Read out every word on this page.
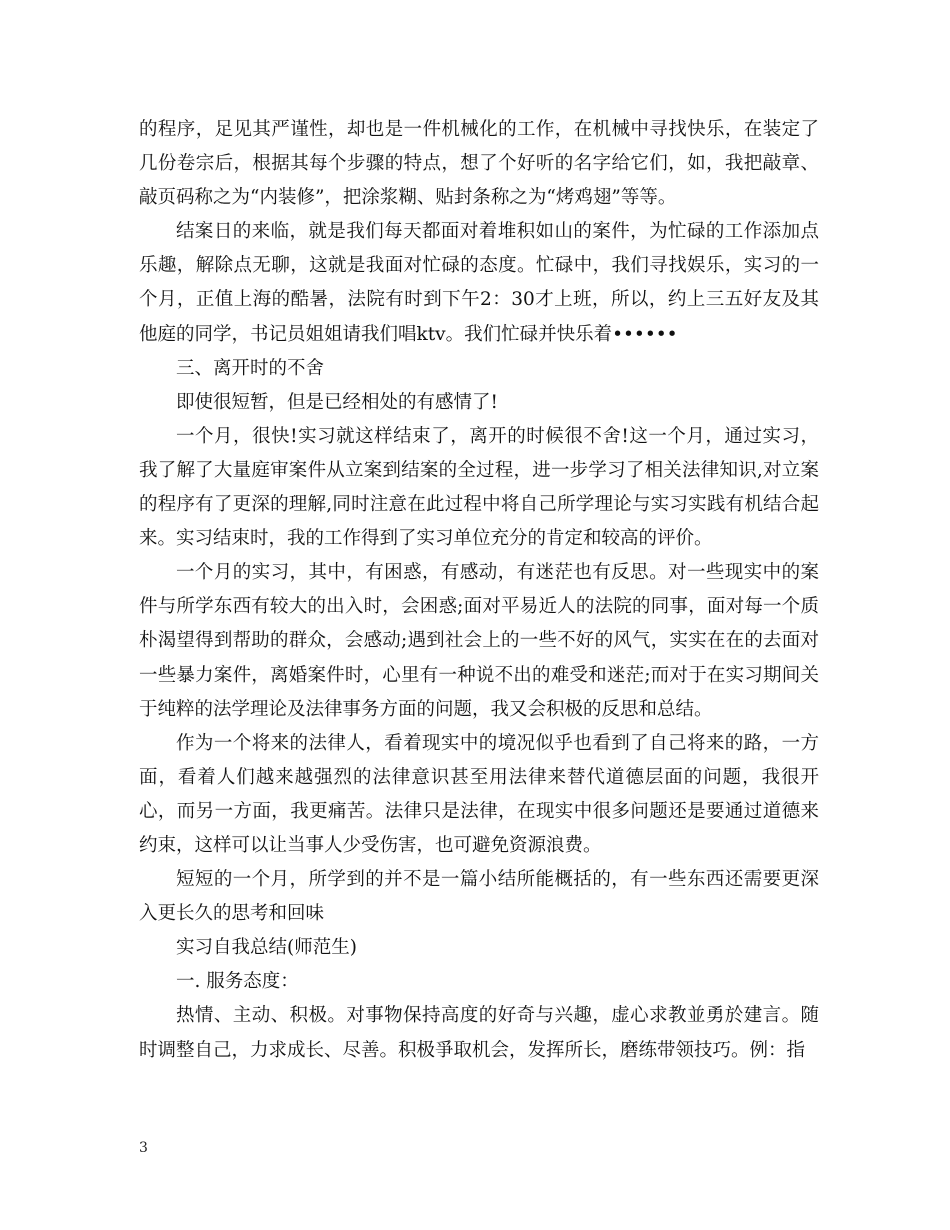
的程序，足见其严谨性，却也是一件机械化的工作，在机械中寻找快乐，在装定了几份卷宗后，根据其每个步骤的特点，想了个好听的名字给它们，如，我把敲章、敲页码称之为“内装修”，把涂浆糊、贴封条称之为“烤鸡翅”等等。

结案日的来临，就是我们每天都面对着堆积如山的案件，为忙碌的工作添加点乐趣，解除点无聊，这就是我面对忙碌的态度。忙碌中，我们寻找娱乐，实习的一个月，正值上海的酷暑，法院有时到下午2：30才上班，所以，约上三五好友及其他庭的同学，书记员姐姐请我们唱ktv。我们忙碌并快乐着••••••

三、离开时的不舍

即使很短暂，但是已经相处的有感情了!

一个月，很快!实习就这样结束了，离开的时候很不舍!这一个月，通过实习，我了解了大量庭审案件从立案到结案的全过程，进一步学习了相关法律知识,对立案的程序有了更深的理解,同时注意在此过程中将自己所学理论与实习实践有机结合起来。实习结束时，我的工作得到了实习单位充分的肯定和较高的评价。

一个月的实习，其中，有困惑，有感动，有迷茫也有反思。对一些现实中的案件与所学东西有较大的出入时，会困惑;面对平易近人的法院的同事，面对每一个质朴渴望得到帮助的群众，会感动;遇到社会上的一些不好的风气，实实在在的去面对一些暴力案件，离婚案件时，心里有一种说不出的难受和迷茫;而对于在实习期间关于纯粹的法学理论及法律事务方面的问题，我又会积极的反思和总结。

作为一个将来的法律人，看着现实中的境况似乎也看到了自己将来的路，一方面，看着人们越来越强烈的法律意识甚至用法律来替代道德层面的问题，我很开心，而另一方面，我更痛苦。法律只是法律，在现实中很多问题还是要通过道德来约束，这样可以让当事人少受伤害，也可避免资源浪费。

短短的一个月，所学到的并不是一篇小结所能概括的，有一些东西还需要更深入更长久的思考和回味

实习自我总结(师范生)

一. 服务态度：

热情、主动、积极。对事物保持高度的好奇与兴趣，虚心求教並勇於建言。随时调整自己，力求成长、尽善。积极爭取机会，发挥所长，磨练带领技巧。例：指

3
